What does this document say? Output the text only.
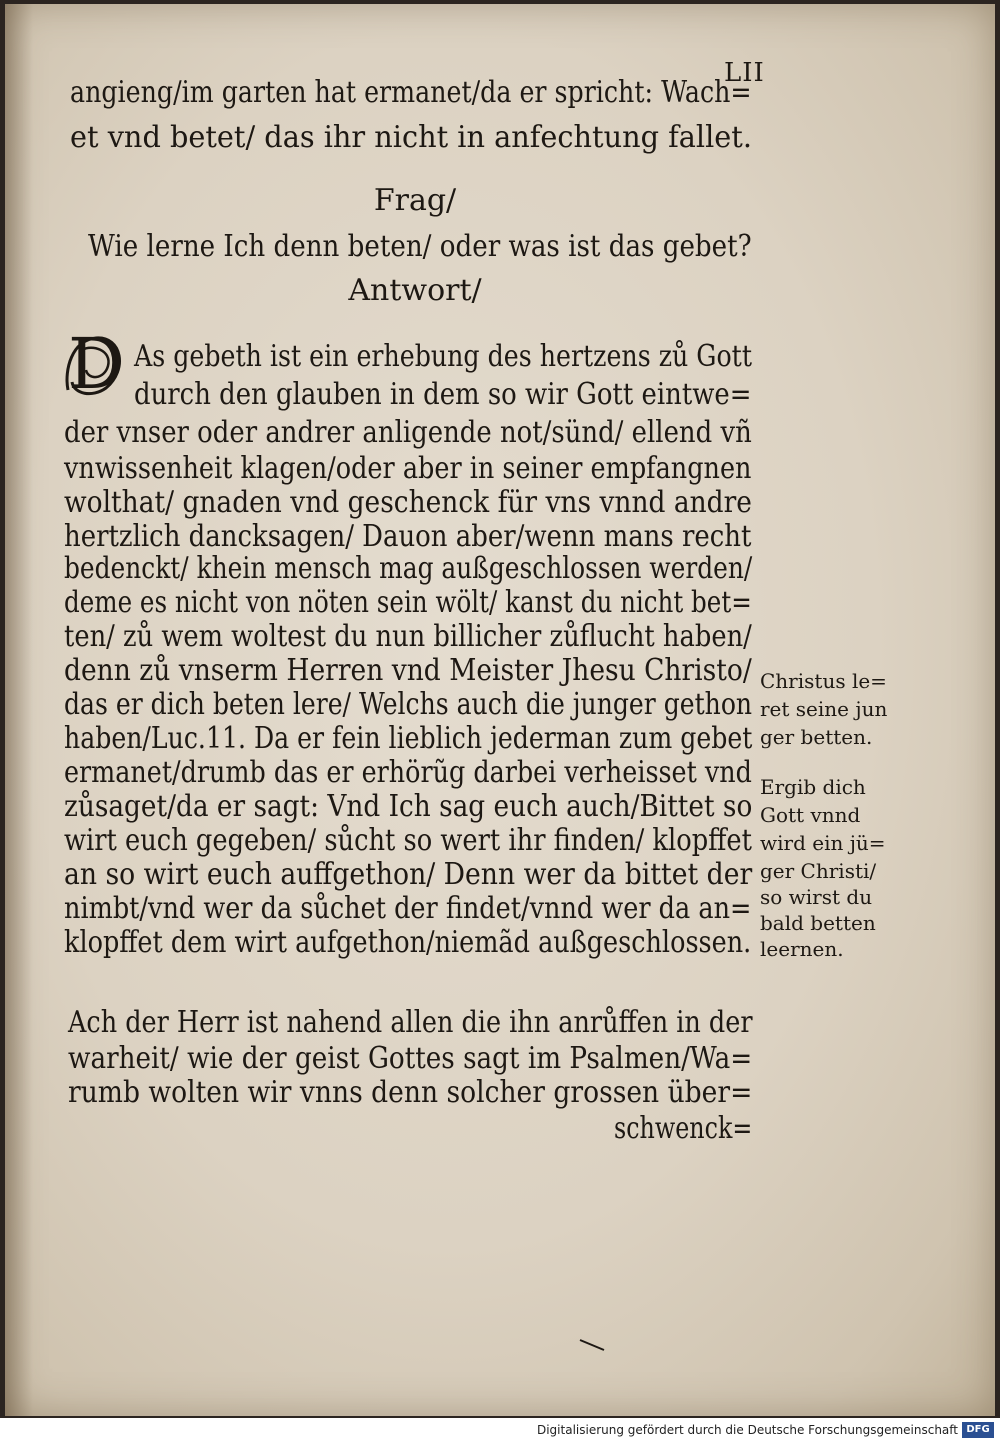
LII
angieng/im garten hat ermanet/da er spricht: Wach=
et vnd betet/ das ihr nicht in anfechtung fallet.
Frag/
Wie lerne Ich denn beten/ oder was ist das gebet?
Antwort/
D As gebeth ist ein erhebung des hertzens zů Gott
durch den glauben in dem so wir Gott eintwe=
der vnser oder andrer anligende not/sünd/ ellend vñ
vnwissenheit klagen/oder aber in seiner empfangnen
wolthat/ gnaden vnd geschenck für vns vnnd andre
hertzlich dancksagen/ Dauon aber/wenn mans recht
bedenckt/ khein mensch mag außgeschlossen werden/
deme es nicht von nöten sein wölt/ kanst du nicht bet=
ten/ zů wem woltest du nun billicher zůflucht haben/
denn zů vnserm Herren vnd Meister Jhesu Christo/
das er dich beten lere/ Welchs auch die junger gethon
haben/Luc.11. Da er fein lieblich jederman zum gebet
ermanet/drumb das er erhörũg darbei verheisset vnd
zůsaget/da er sagt: Vnd Ich sag euch auch/Bittet so
wirt euch gegeben/ sůcht so wert ihr finden/ klopffet
an so wirt euch auffgethon/ Denn wer da bittet der
nimbt/vnd wer da sůchet der findet/vnnd wer da an=
klopffet dem wirt aufgethon/niemãd außgeschlossen.
Ach der Herr ist nahend allen die ihn anrůffen in der
warheit/ wie der geist Gottes sagt im Psalmen/Wa=
rumb wolten wir vnns denn solcher grossen über=
schwenck=
Christus le=
ret seine jun
ger betten.
Ergib dich
Gott vnnd
wird ein jü=
ger Christi/
so wirst du
bald betten
leernen.
Digitalisierung gefördert durch die Deutsche Forschungsgemeinschaft DFG
